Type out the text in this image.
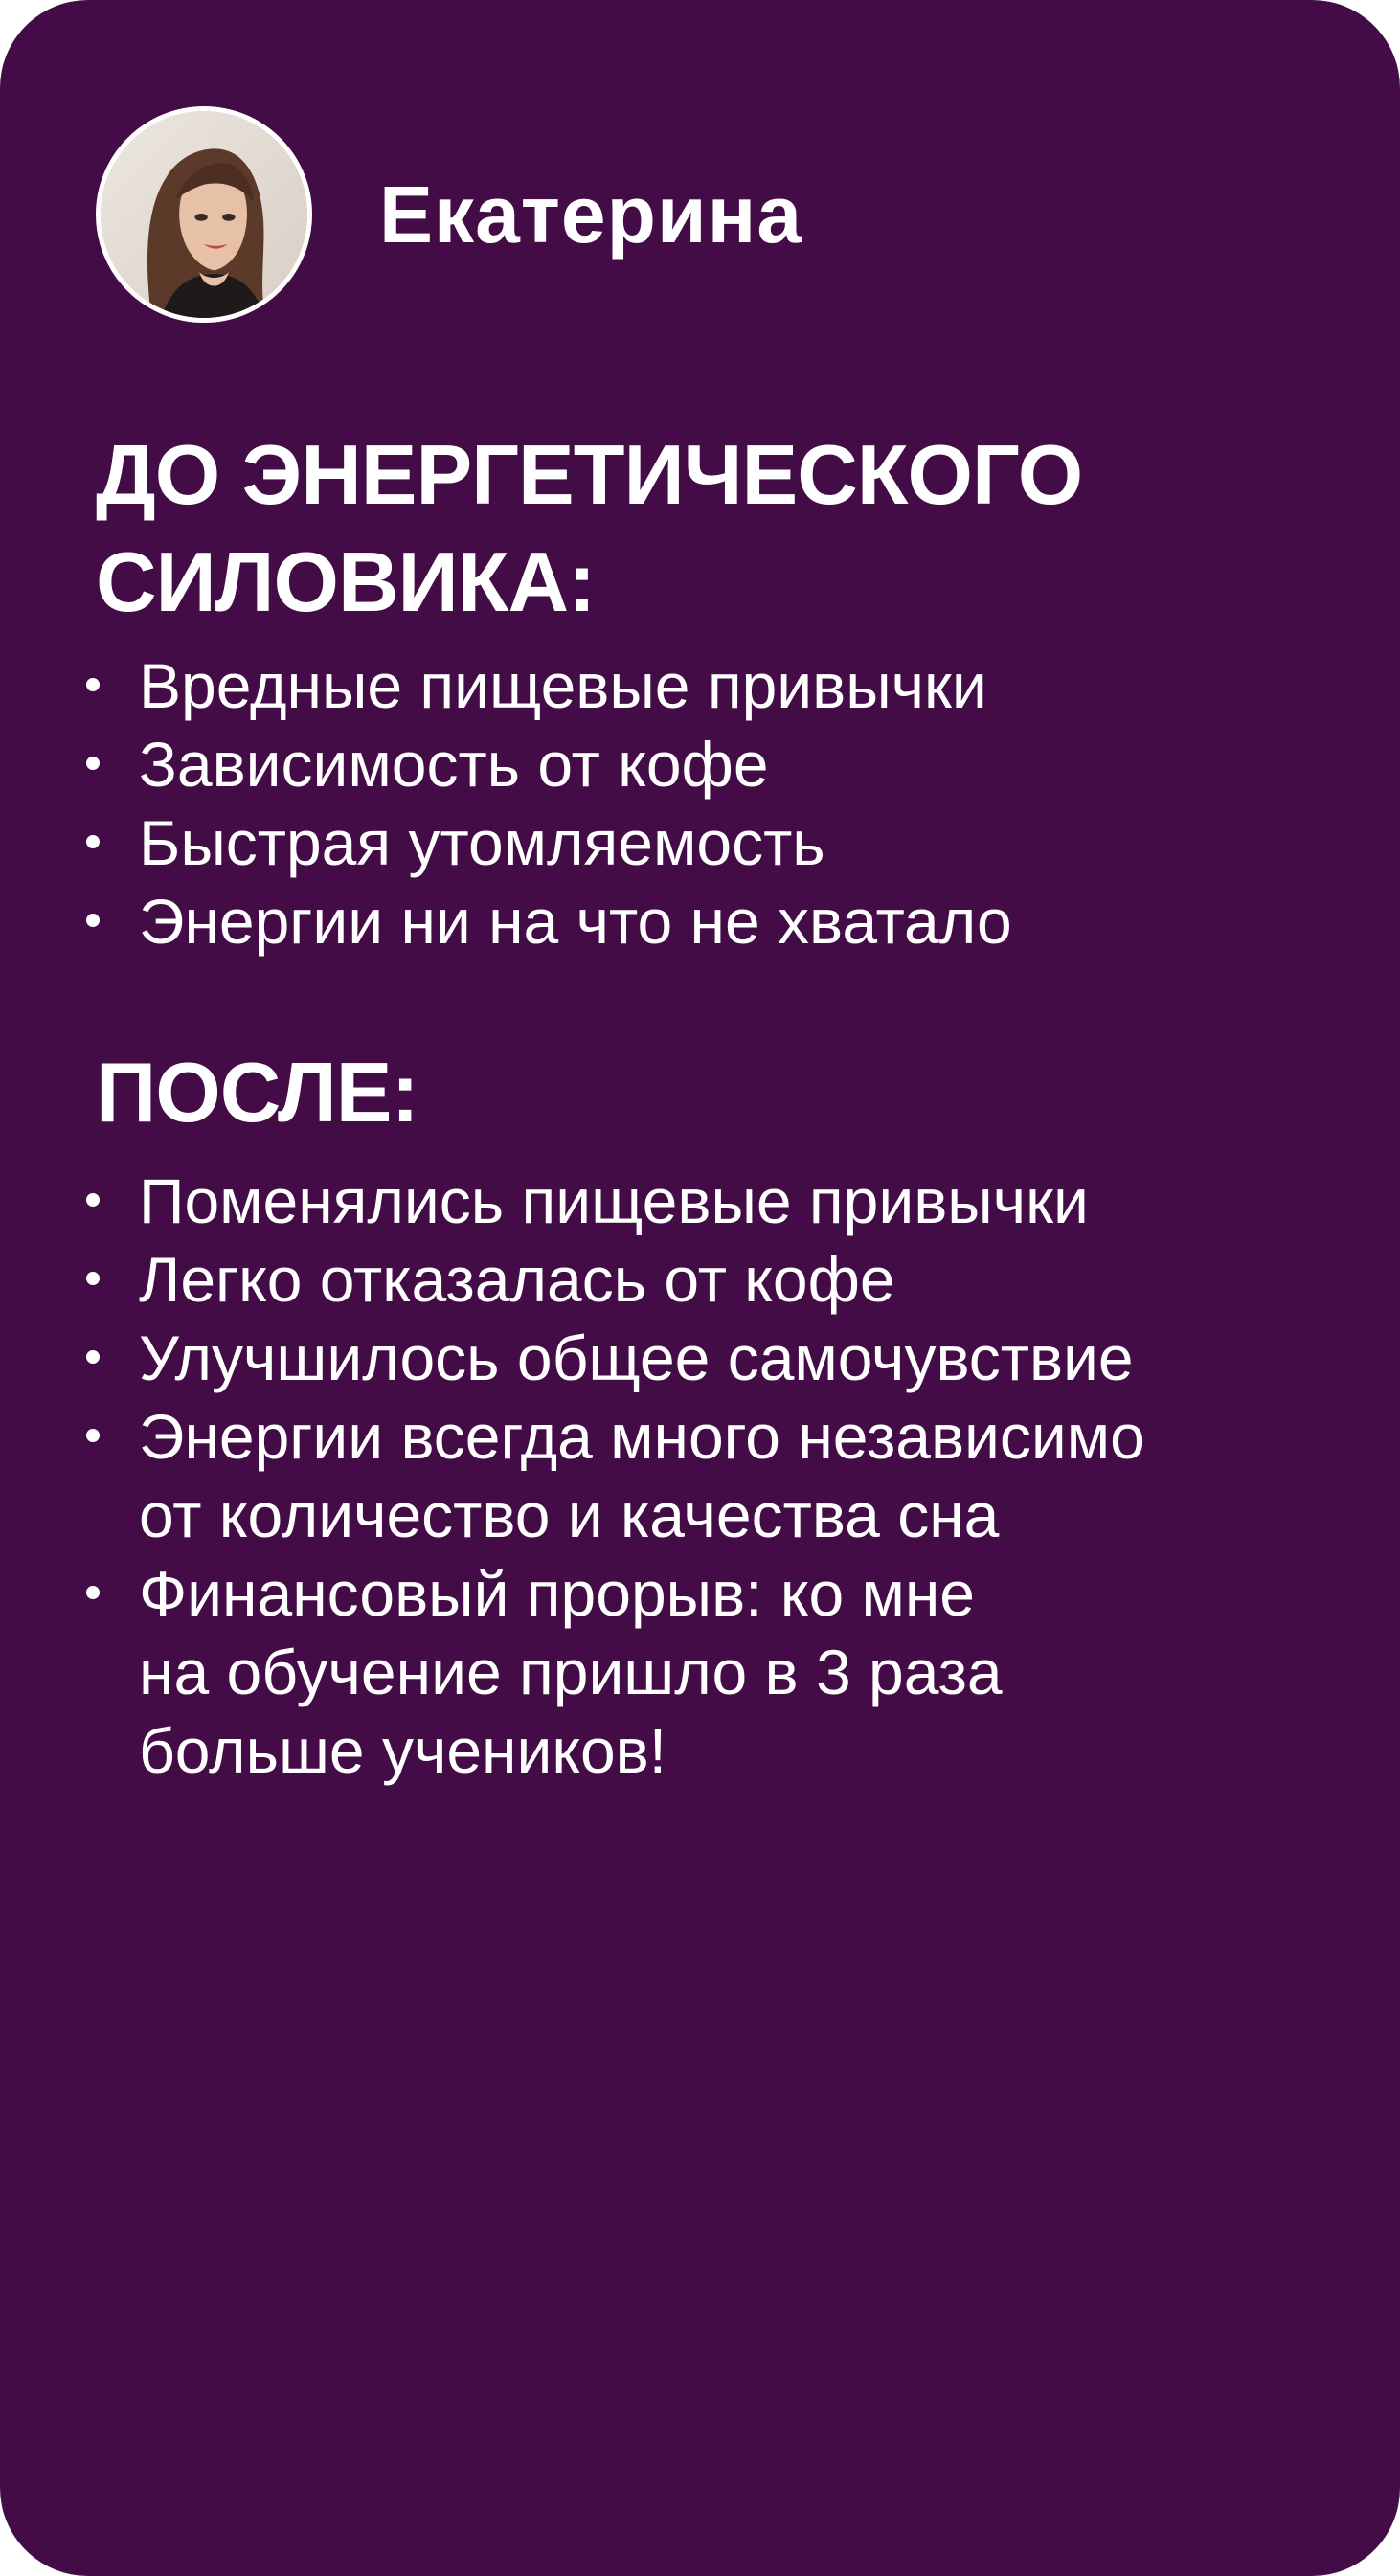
Екатерина
ДО ЭНЕРГЕТИЧЕСКОГО
СИЛОВИКА:
Вредные пищевые привычки
Зависимость от кофе
Быстрая утомляемость
Энергии ни на что не хватало
ПОСЛЕ:
Поменялись пищевые привычки
Легко отказалась от кофе
Улучшилось общее самочувствие
Энергии всегда много независимо
от количество и качества сна
Финансовый прорыв: ко мне
на обучение пришло в 3 раза
больше учеников!
